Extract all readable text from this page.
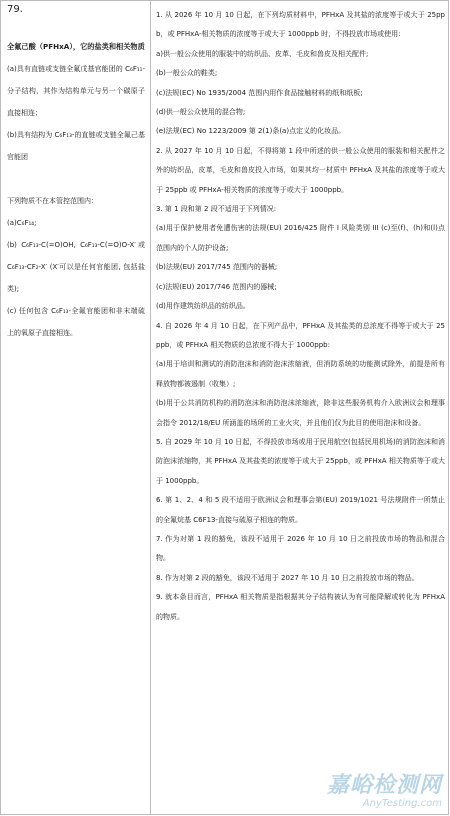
79.

全氟己酸（PFHxA），它的盐类和相关物质

(a)具有直链或支链全氟戊基官能团的 C₆F₁₁-分子结构，其作为结构单元与另一个碳原子直接相连；

(b)具有结构为 C₆F₁₃-的直链或支链全氟己基官能团

下列物质不在本管控范围内：

(a)C₆F₁₄;

(b) C₆F₁₃-C(=O)OH, C₆F₁₃-C(=O)O-X′或 C₆F₁₃-CF₂-X′ (X′可以是任何官能团, 包括盐类);

(c) 任何包含 C₆F₁₃-全氟官能团和非末端硫上的氧原子直接相连。

1. 从 2026 年 10 月 10 日起，在下列均质材料中，PFHxA 及其盐的浓度等于或大于 25ppb，或 PFHxA-相关物质的浓度等于或大于 1000ppb 时，不得投放市场或使用:

a)供一般公众使用的服装中的纺织品、皮革、毛皮和兽皮及相关配件;

(b)一般公众的鞋类;

(c)法规(EC) No 1935/2004 范围内用作食品接触材料的纸和纸板;

(d)供一般公众使用的混合物;

(e)法规(EC) No 1223/2009 第 2(1)条(a)点定义的化妆品。

2. 从 2027 年 10 月 10 日起，不得将第 1 段中所述的供一般公众使用的服装和相关配件之外的纺织品，皮革，毛皮和兽皮投入市场，如果其均一材质中 PFHxA 及其盐的浓度等于或大于 25ppb 或 PFHxA-相关物质的浓度等于或大于 1000ppb。

3. 第 1 段和第 2 段不适用于下列情况:

(a)用于保护使用者免遭伤害的法规(EU) 2016/425 附件 I 风险类别 III (c)至(f)、(h)和(l)点范围内的个人防护设备;

(b)法规(EU) 2017/745 范围内的器械;

(c)法规(EU) 2017/746 范围内的器械;

(d)用作建筑纺织品的纺织品。

4. 自 2026 年 4 月 10 日起，在下列产品中，PFHxA 及其盐类的总浓度不得等于或大于 25ppb，或 PFHxA 相关物质的总浓度不得大于 1000ppb:

(a)用于培训和测试的消防泡沫和消防泡沫浓缩液，但消防系统的功能测试除外，前提是所有释放物都被遏制（收集）;

(b)用于公共消防机构的消防泡沫和消防泡沫浓缩液，除非这些服务机构介入欧洲议会和理事会指令 2012/18/EU 所涵盖的场所的工业火灾，并且他们仅为此目的使用泡沫和设备。

5. 自 2029 年 10 月 10 日起，不得投放市场或用于民用航空(包括民用机场)的消防泡沫和消防泡沫浓缩物，其 PFHxA 及其盐类的浓度等于或大于 25ppb，或 PFHxA 相关物质等于或大于 1000ppb。

6. 第 1、2、4 和 5 段不适用于欧洲议会和理事会第(EU) 2019/1021 号法规附件一所禁止的全氟烷基 C6F13-直接与硫原子相连的物质。

7. 作为对第 1 段的豁免，该段不适用于 2026 年 10 月 10 日之前投放市场的物品和混合物。

8. 作为对第 2 段的豁免，该段不适用于 2027 年 10 月 10 日之前投放市场的物品。

9. 就本条目而言，PFHxA 相关物质是指根据其分子结构被认为有可能降解或转化为 PFHxA 的物质。

嘉峪检测网
AnyTesting.com
